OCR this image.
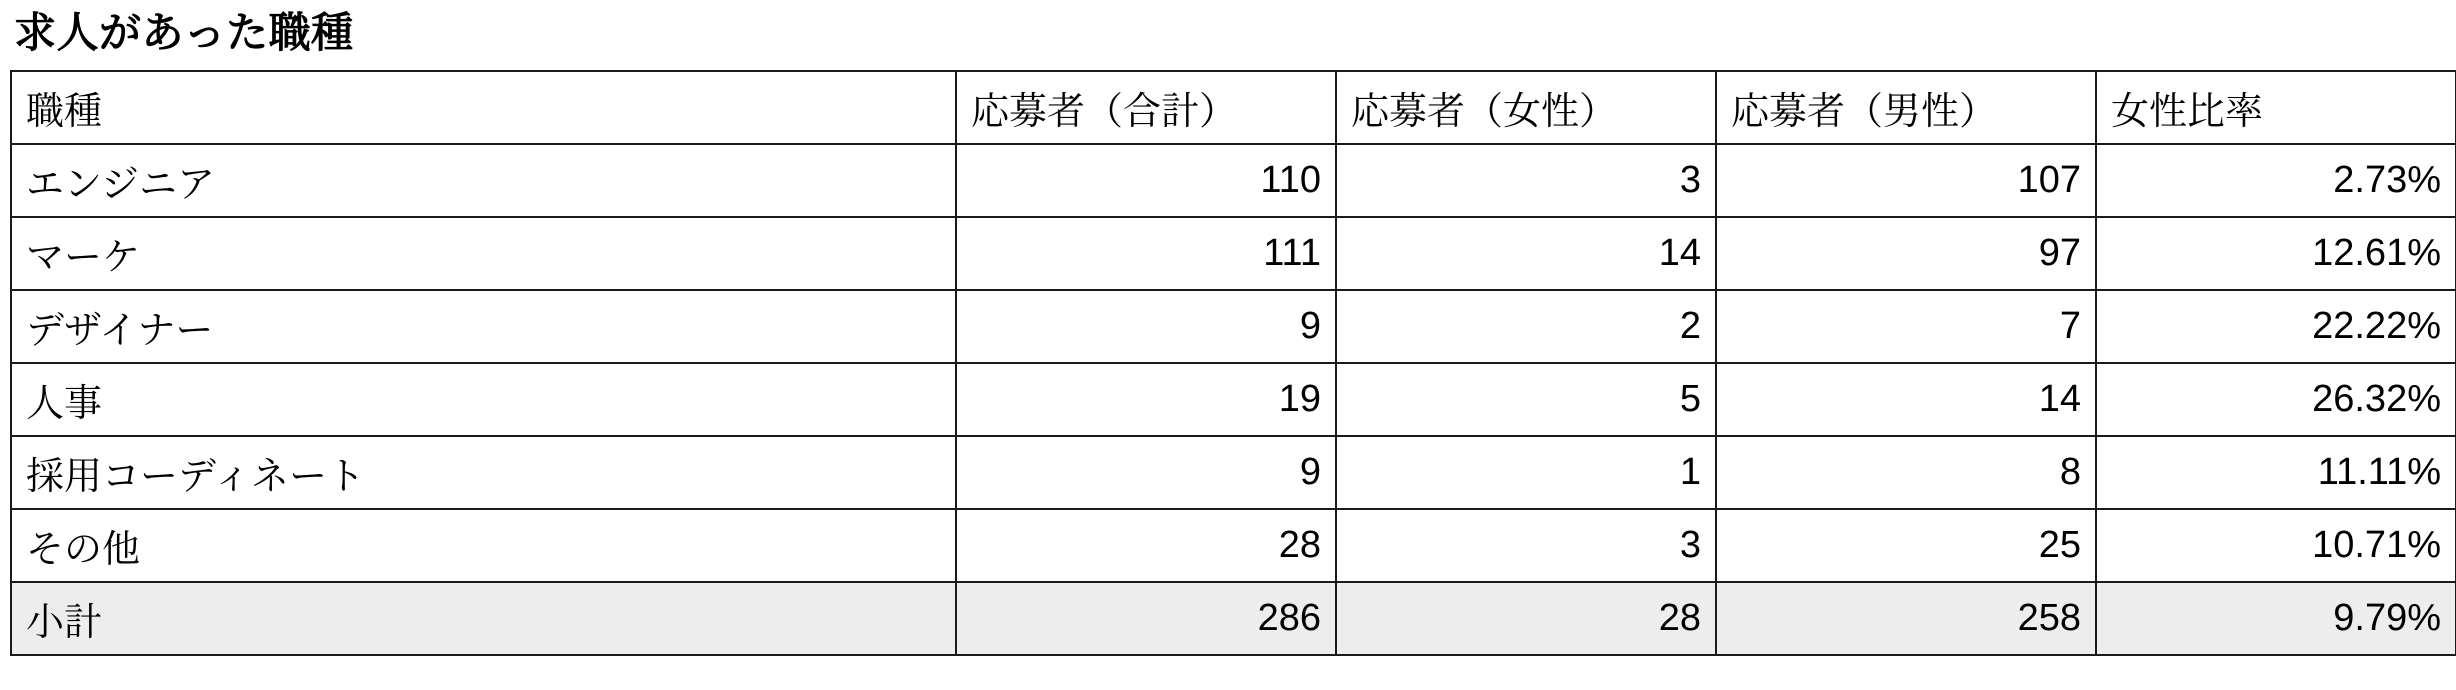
求人があった職種
職種	応募者（合計）	応募者（女性）	応募者（男性）	女性比率
エンジニア	110	3	107	2.73%
マーケ	111	14	97	12.61%
デザイナー	9	2	7	22.22%
人事	19	5	14	26.32%
採用コーディネート	9	1	8	11.11%
その他	28	3	25	10.71%
小計	286	28	258	9.79%
